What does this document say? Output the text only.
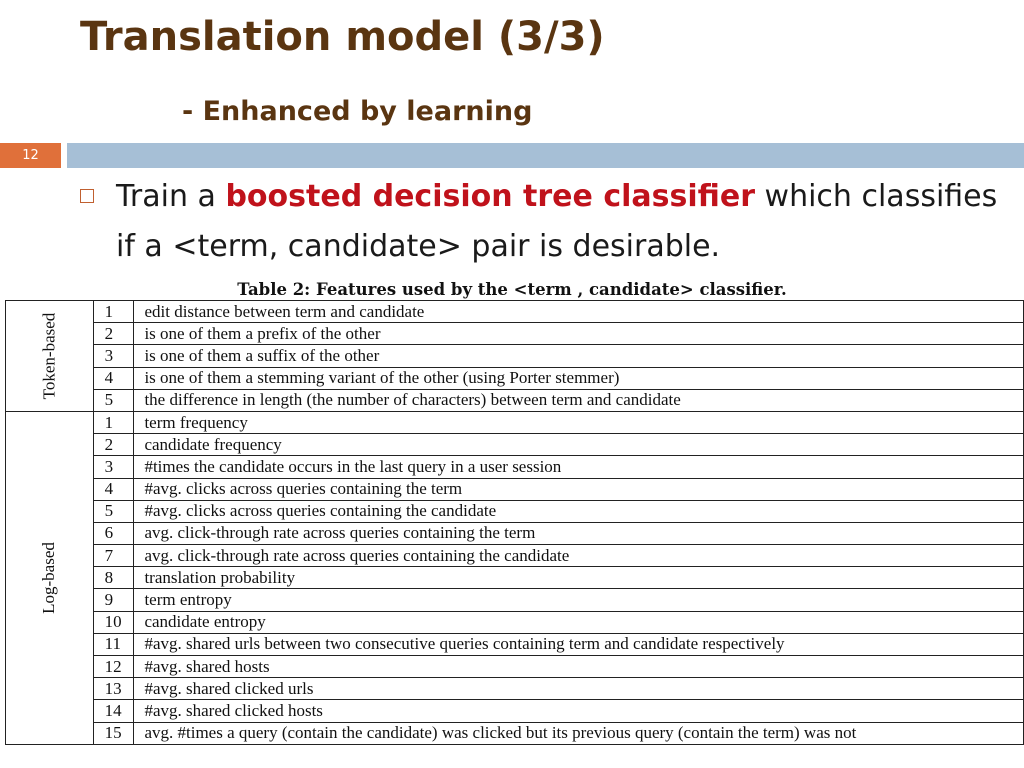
Translation model (3/3)
- Enhanced by learning
12
Train a boosted decision tree classifier which classifies if a <term, candidate> pair is desirable.
Table 2: Features used by the <term , candidate> classifier.
Token-based	1	edit distance between term and candidate
	2	is one of them a prefix of the other
	3	is one of them a suffix of the other
	4	is one of them a stemming variant of the other (using Porter stemmer)
	5	the difference in length (the number of characters) between term and candidate
Log-based	1	term frequency
	2	candidate frequency
	3	#times the candidate occurs in the last query in a user session
	4	#avg. clicks across queries containing the term
	5	#avg. clicks across queries containing the candidate
	6	avg. click-through rate across queries containing the term
	7	avg. click-through rate across queries containing the candidate
	8	translation probability
	9	term entropy
	10	candidate entropy
	11	#avg. shared urls between two consecutive queries containing term and candidate respectively
	12	#avg. shared hosts
	13	#avg. shared clicked urls
	14	#avg. shared clicked hosts
	15	avg. #times a query (contain the candidate) was clicked but its previous query (contain the term) was not
